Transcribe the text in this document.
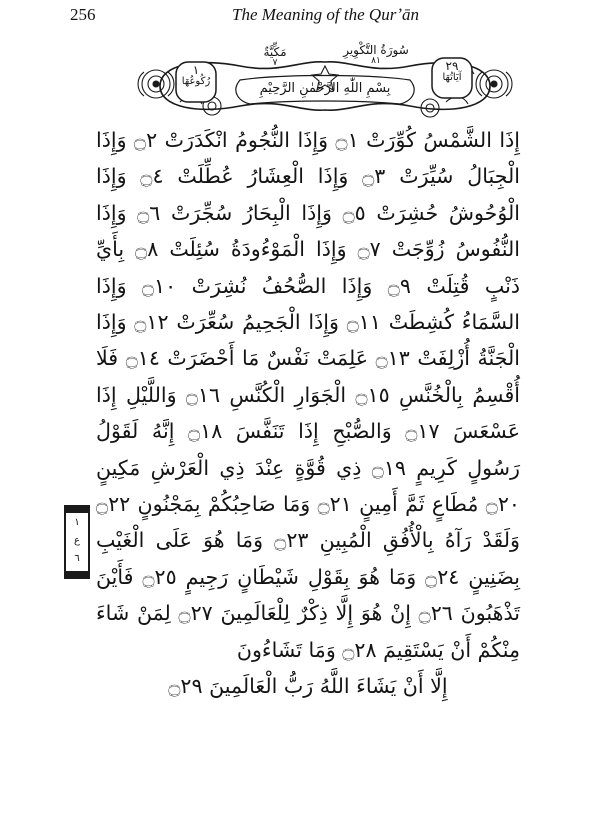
256	The Meaning of the Qurʼān
٢٩
آيَاتُهَا
١
رُكُوعُهَا
سُورَةُ التَّكْوِيرِ
٨١
مَكِّيَّةٌ
٧
بِسْمِ اللّٰهِ الرَّحْمٰنِ الرَّحِيْمِ
إِذَا الشَّمْسُ كُوِّرَتْ ۝١ وَإِذَا النُّجُومُ انْكَدَرَتْ ۝٢ وَإِذَا الْجِبَالُ سُيِّرَتْ ۝٣ وَإِذَا الْعِشَارُ عُطِّلَتْ ۝٤ وَإِذَا الْوُحُوشُ حُشِرَتْ ۝٥ وَإِذَا الْبِحَارُ سُجِّرَتْ ۝٦ وَإِذَا النُّفُوسُ زُوِّجَتْ ۝٧ وَإِذَا الْمَوْءُودَةُ سُئِلَتْ ۝٨ بِأَيِّ ذَنْبٍ قُتِلَتْ ۝٩ وَإِذَا الصُّحُفُ نُشِرَتْ ۝١٠ وَإِذَا السَّمَاءُ كُشِطَتْ ۝١١ وَإِذَا الْجَحِيمُ سُعِّرَتْ ۝١٢ وَإِذَا الْجَنَّةُ أُزْلِفَتْ ۝١٣ عَلِمَتْ نَفْسٌ مَا أَحْضَرَتْ ۝١٤ فَلَا أُقْسِمُ بِالْخُنَّسِ ۝١٥ الْجَوَارِ الْكُنَّسِ ۝١٦ وَاللَّيْلِ إِذَا عَسْعَسَ ۝١٧ وَالصُّبْحِ إِذَا تَنَفَّسَ ۝١٨ إِنَّهُ لَقَوْلُ رَسُولٍ كَرِيمٍ ۝١٩ ذِي قُوَّةٍ عِنْدَ ذِي الْعَرْشِ مَكِينٍ ۝٢٠ مُطَاعٍ ثَمَّ أَمِينٍ ۝٢١ وَمَا صَاحِبُكُمْ بِمَجْنُونٍ ۝٢٢ وَلَقَدْ رَآهُ بِالْأُفُقِ الْمُبِينِ ۝٢٣ وَمَا هُوَ عَلَى الْغَيْبِ بِضَنِينٍ ۝٢٤ وَمَا هُوَ بِقَوْلِ شَيْطَانٍ رَجِيمٍ ۝٢٥ فَأَيْنَ تَذْهَبُونَ ۝٢٦ إِنْ هُوَ إِلَّا ذِكْرٌ لِلْعَالَمِينَ ۝٢٧ لِمَنْ شَاءَ مِنْكُمْ أَنْ يَسْتَقِيمَ ۝٢٨ وَمَا تَشَاءُونَ
إِلَّا أَنْ يَشَاءَ اللَّهُ رَبُّ الْعَالَمِينَ ۝٢٩
١
ع
٦
